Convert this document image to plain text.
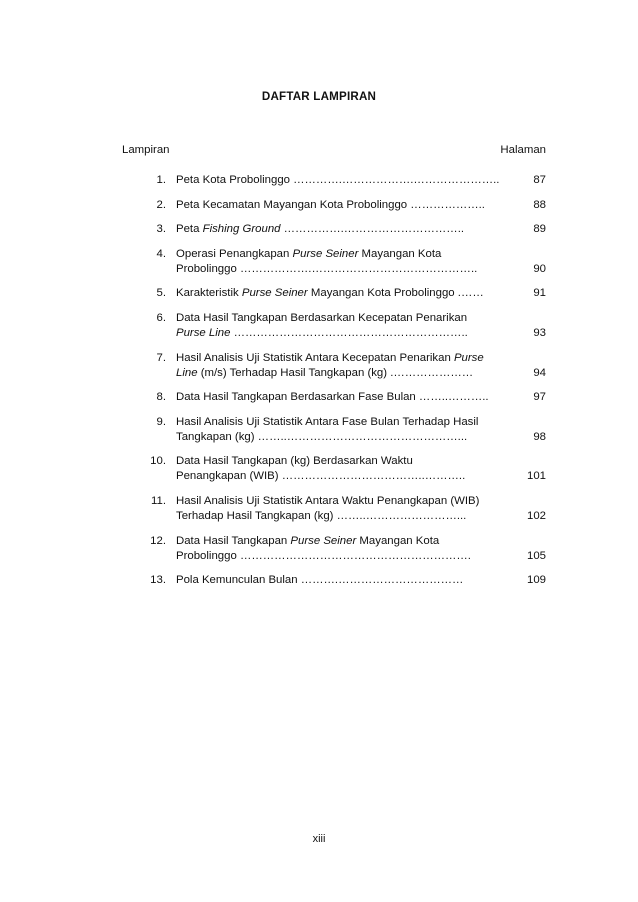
DAFTAR LAMPIRAN
Lampiran	Halaman
1. Peta Kota Probolinggo ………….……………….…………………..	87
2. Peta Kecamatan Mayangan Kota Probolinggo ………………..	88
3. Peta Fishing Ground …………….…………………………..	89
4. Operasi Penangkapan Purse Seiner Mayangan Kota
Probolinggo ……………….……………………………………..	90
5. Karakteristik Purse Seiner Mayangan Kota Probolinggo .……	91
6. Data Hasil Tangkapan Berdasarkan Kecepatan Penarikan
Purse Line ……………………………………………………..	93
7. Hasil Analisis Uji Statistik Antara Kecepatan Penarikan Purse
Line (m/s) Terhadap Hasil Tangkapan (kg) .…………………	94
8. Data Hasil Tangkapan Berdasarkan Fase Bulan ……..………..	97
9. Hasil Analisis Uji Statistik Antara Fase Bulan Terhadap Hasil
Tangkapan (kg) ……..………………………………………...	98
10. Data Hasil Tangkapan (kg) Berdasarkan Waktu
Penangkapan (WIB) ………………………………..………..	101
11. Hasil Analisis Uji Statistik Antara Waktu Penangkapan (WIB)
Terhadap Hasil Tangkapan (kg) ……..……………………...	102
12. Data Hasil Tangkapan Purse Seiner Mayangan Kota
Probolinggo …………………………………………………….	105
13. Pola Kemunculan Bulan ……….……………………………	109
xiii
